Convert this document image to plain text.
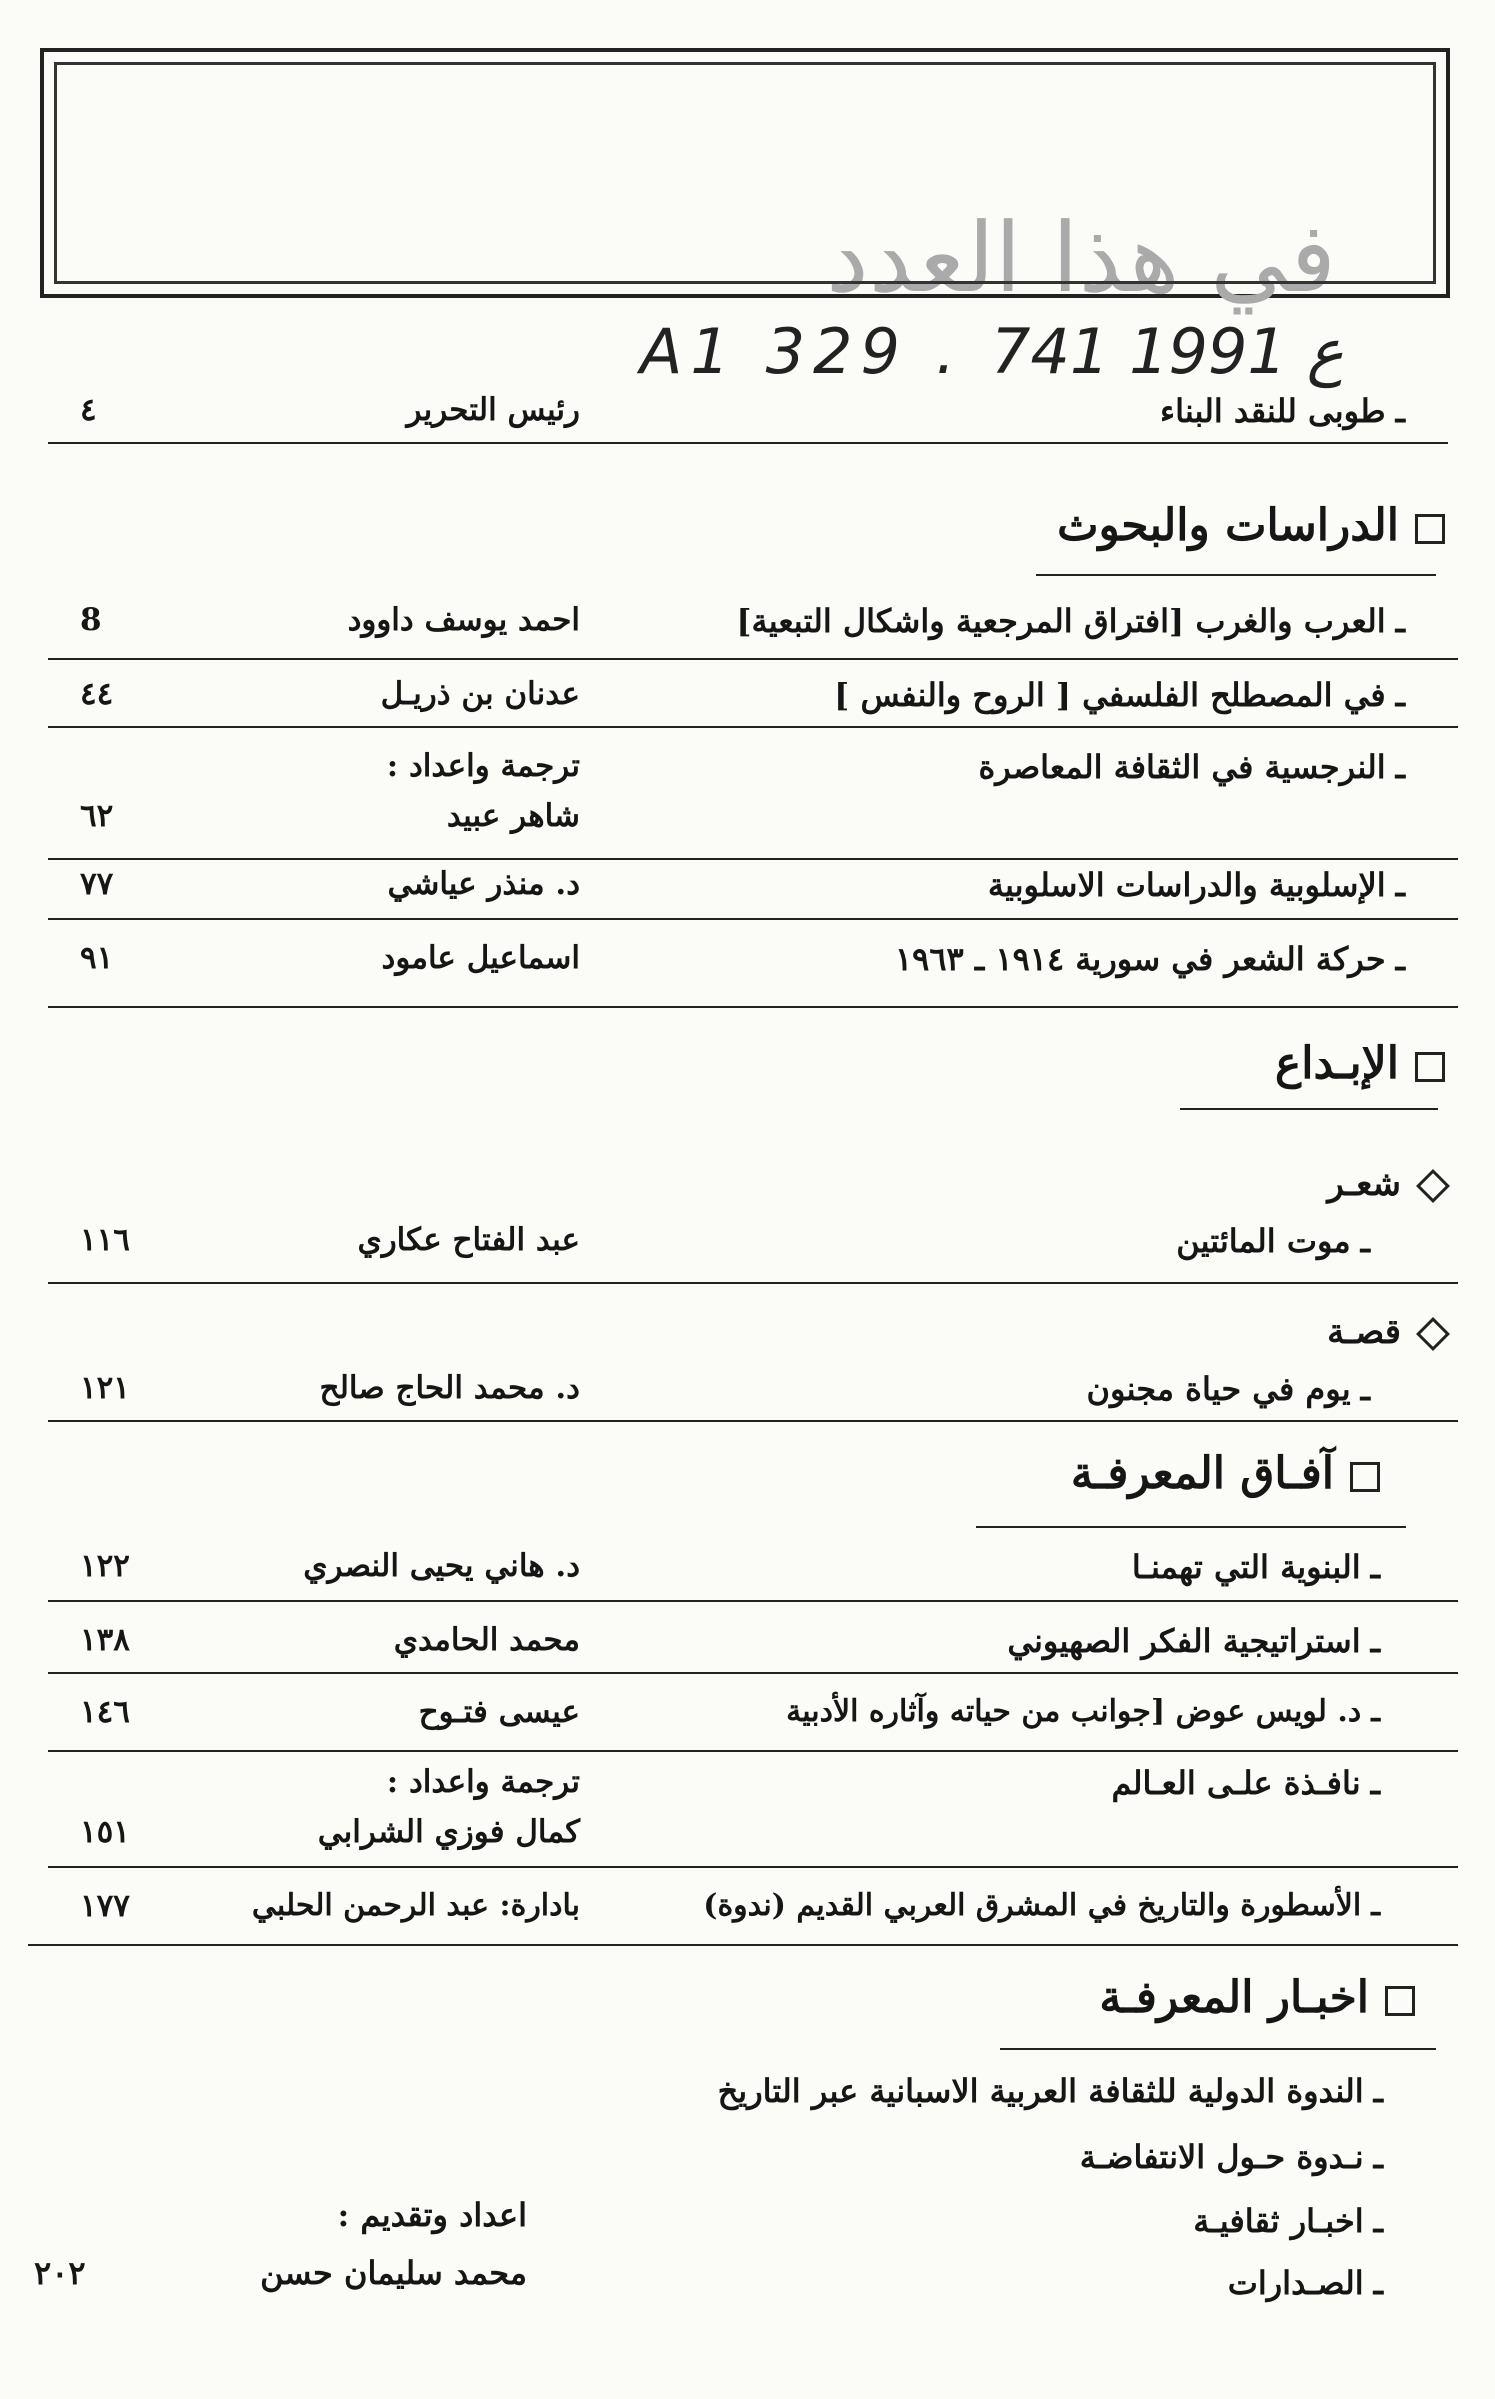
في هذا العدد
A1 329 . ع 1991 741
ـطوبى للنقد البناء
رئيس التحرير
٤
الدراسات والبحوث
ـالعرب والغرب [افتراق المرجعية واشكال التبعية]
احمد يوسف داوود
8
ـفي المصطلح الفلسفي [ الروح والنفس ]
عدنان بن ذريـل
٤٤
ـالنرجسية في الثقافة المعاصرة
ترجمة واعداد :
شاهر عبيد
٦٢
ـالإسلوبية والدراسات الاسلوبية
د. منذر عياشي
٧٧
ـحركة الشعر في سورية ١٩١٤ ـ ١٩٦٣
اسماعيل عامود
٩١
الإبـداع
شعـر
ـموت المائتين
عبد الفتاح عكاري
١١٦
قصـة
ـيوم في حياة مجنون
د. محمد الحاج صالح
١٢١
آفـاق المعرفـة
ـالبنوية التي تهمنـا
د. هاني يحيى النصري
١٢٢
ـاستراتيجية الفكر الصهيوني
محمد الحامدي
١٣٨
ـد. لويس عوض [جوانب من حياته وآثاره الأدبية
عيسى فتـوح
١٤٦
ـنافـذة علـى العـالم
ترجمة واعداد :
كمال فوزي الشرابي
١٥١
ـالأسطورة والتاريخ في المشرق العربي القديم (ندوة)
بادارة: عبد الرحمن الحلبي
١٧٧
اخبـار المعرفـة
ـالندوة الدولية للثقافة العربية الاسبانية عبر التاريخ
ـنـدوة حـول الانتفاضـة
ـاخبـار ثقافيـة
ـالصـدارات
اعداد وتقديم :
محمد سليمان حسن
٢٠٢
